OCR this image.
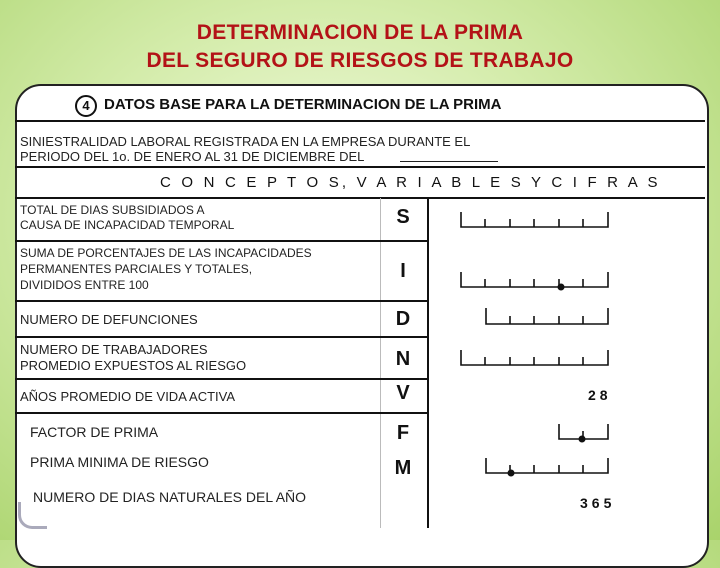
DETERMINACION DE LA PRIMA
DEL SEGURO DE RIESGOS DE TRABAJO
4 DATOS BASE PARA LA DETERMINACION DE LA PRIMA
SINIESTRALIDAD LABORAL REGISTRADA EN LA EMPRESA DURANTE EL
PERIODO DEL 1o. DE ENERO AL 31 DE DICIEMBRE DEL
C O N C E P T O S, V A R I A B L E S Y C I F R A S
TOTAL DE DIAS SUBSIDIADOS A
CAUSA DE INCAPACIDAD TEMPORAL	S
SUMA DE PORCENTAJES DE LAS INCAPACIDADES
PERMANENTES PARCIALES Y TOTALES,
DIVIDIDOS ENTRE 100
I
NUMERO DE DEFUNCIONES	D
NUMERO DE TRABAJADORES
PROMEDIO EXPUESTOS AL RIESGO	N
AÑOS PROMEDIO DE VIDA ACTIVA	V	28
FACTOR DE PRIMA	F
PRIMA MINIMA DE RIESGO	M
NUMERO DE DIAS NATURALES DEL AÑO	365
